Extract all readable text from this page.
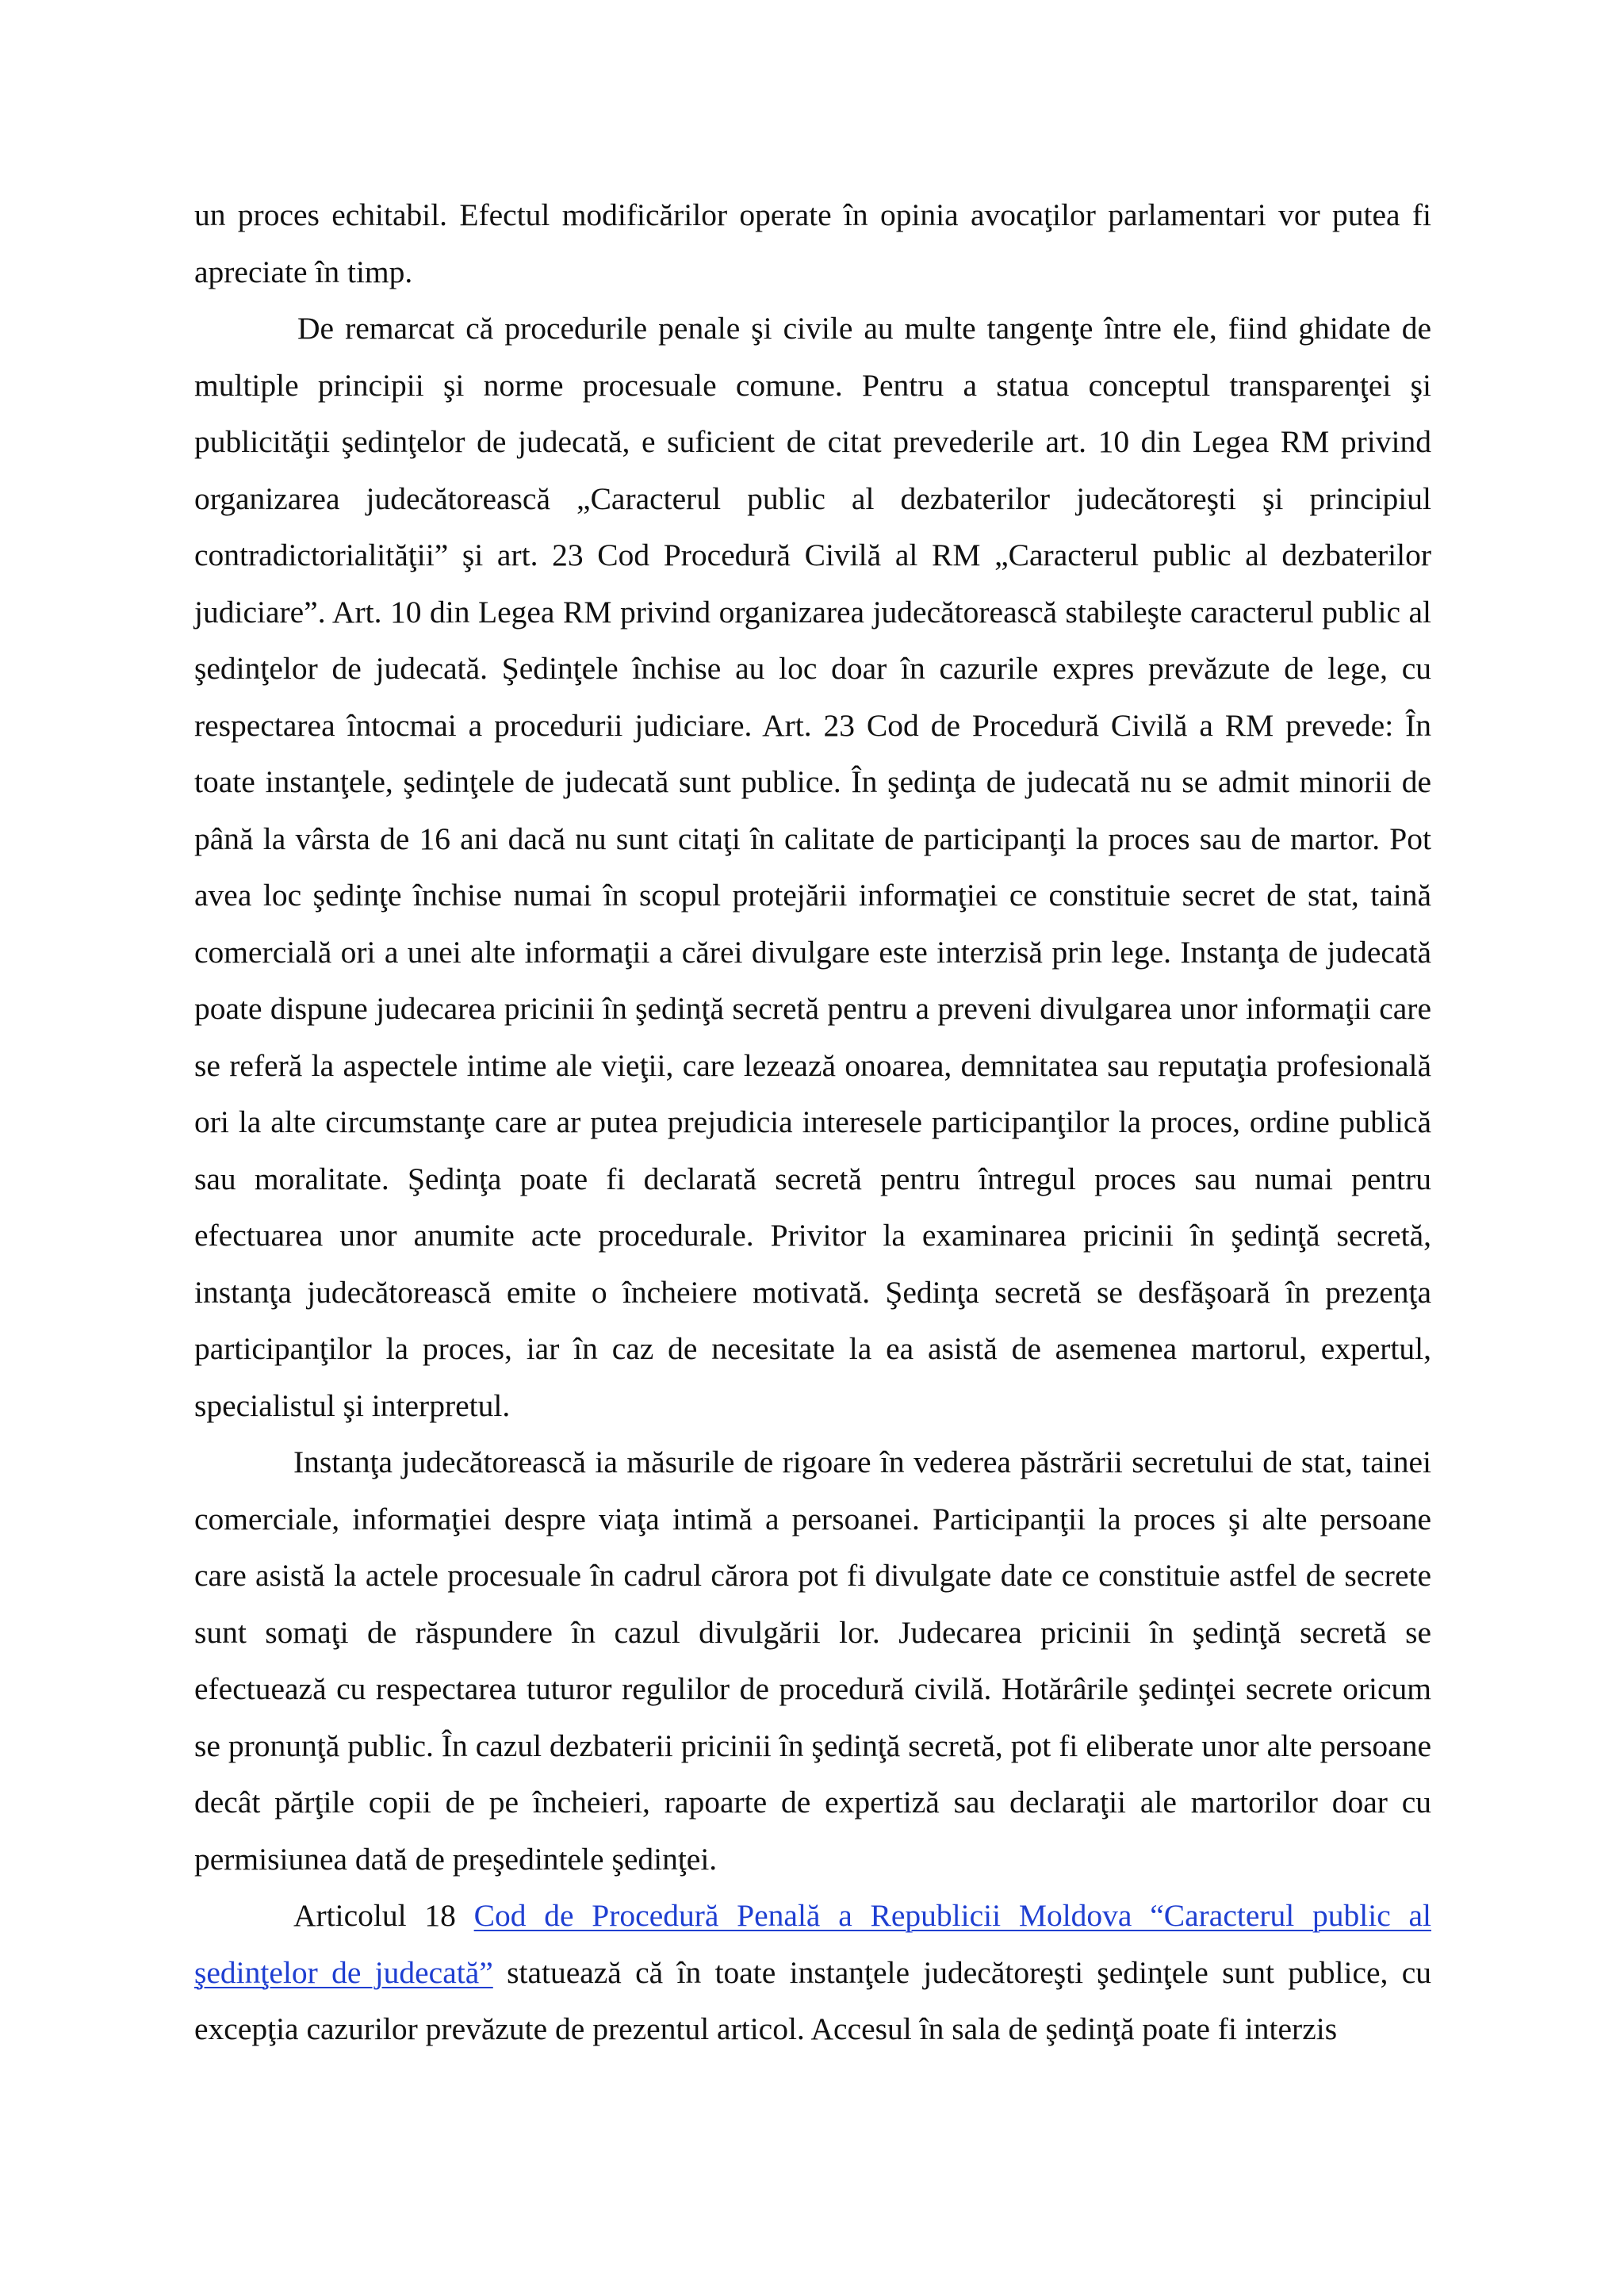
un proces echitabil. Efectul modificărilor operate în opinia avocaţilor parlamentari vor putea fi apreciate în timp.

De remarcat că procedurile penale şi civile au multe tangenţe între ele, fiind ghidate de multiple principii şi norme procesuale comune. Pentru a statua conceptul transparenţei şi publicităţii şedinţelor de judecată, e suficient de citat prevederile art. 10 din Legea RM privind organizarea judecătorească „Caracterul public al dezbaterilor judecătoreşti şi principiul contradictorialităţii” şi art. 23 Cod Procedură Civilă al RM „Caracterul public al dezbaterilor judiciare”. Art. 10 din Legea RM privind organizarea judecătorească stabileşte caracterul public al şedinţelor de judecată. Şedinţele închise au loc doar în cazurile expres prevăzute de lege, cu respectarea întocmai a procedurii judiciare. Art. 23 Cod de Procedură Civilă a RM prevede: În toate instanţele, şedinţele de judecată sunt publice. În şedinţa de judecată nu se admit minorii de până la vârsta de 16 ani dacă nu sunt citaţi în calitate de participanţi la proces sau de martor. Pot avea loc şedinţe închise numai în scopul protejării informaţiei ce constituie secret de stat, taină comercială ori a unei alte informaţii a cărei divulgare este interzisă prin lege. Instanţa de judecată poate dispune judecarea pricinii în şedinţă secretă pentru a preveni divulgarea unor informaţii care se referă la aspectele intime ale vieţii, care lezează onoarea, demnitatea sau reputaţia profesională ori la alte circumstanţe care ar putea prejudicia interesele participanţilor la proces, ordine publică sau moralitate. Şedinţa poate fi declarată secretă pentru întregul proces sau numai pentru efectuarea unor anumite acte procedurale. Privitor la examinarea pricinii în şedinţă secretă, instanţa judecătorească emite o încheiere motivată. Şedinţa secretă se desfăşoară în prezenţa participanţilor la proces, iar în caz de necesitate la ea asistă de asemenea martorul, expertul, specialistul şi interpretul.

Instanţa judecătorească ia măsurile de rigoare în vederea păstrării secretului de stat, tainei comerciale, informaţiei despre viaţa intimă a persoanei. Participanţii la proces şi alte persoane care asistă la actele procesuale în cadrul cărora pot fi divulgate date ce constituie astfel de secrete sunt somaţi de răspundere în cazul divulgării lor. Judecarea pricinii în şedinţă secretă se efectuează cu respectarea tuturor regulilor de procedură civilă. Hotărârile şedinţei secrete oricum se pronunţă public. În cazul dezbaterii pricinii în şedinţă secretă, pot fi eliberate unor alte persoane decât părţile copii de pe încheieri, rapoarte de expertiză sau declaraţii ale martorilor doar cu permisiunea dată de preşedintele şedinţei.

Articolul 18 Cod de Procedură Penală a Republicii Moldova “Caracterul public al şedinţelor de judecată” statuează că în toate instanţele judecătoreşti şedinţele sunt publice, cu excepţia cazurilor prevăzute de prezentul articol. Accesul în sala de şedinţă poate fi interzis
